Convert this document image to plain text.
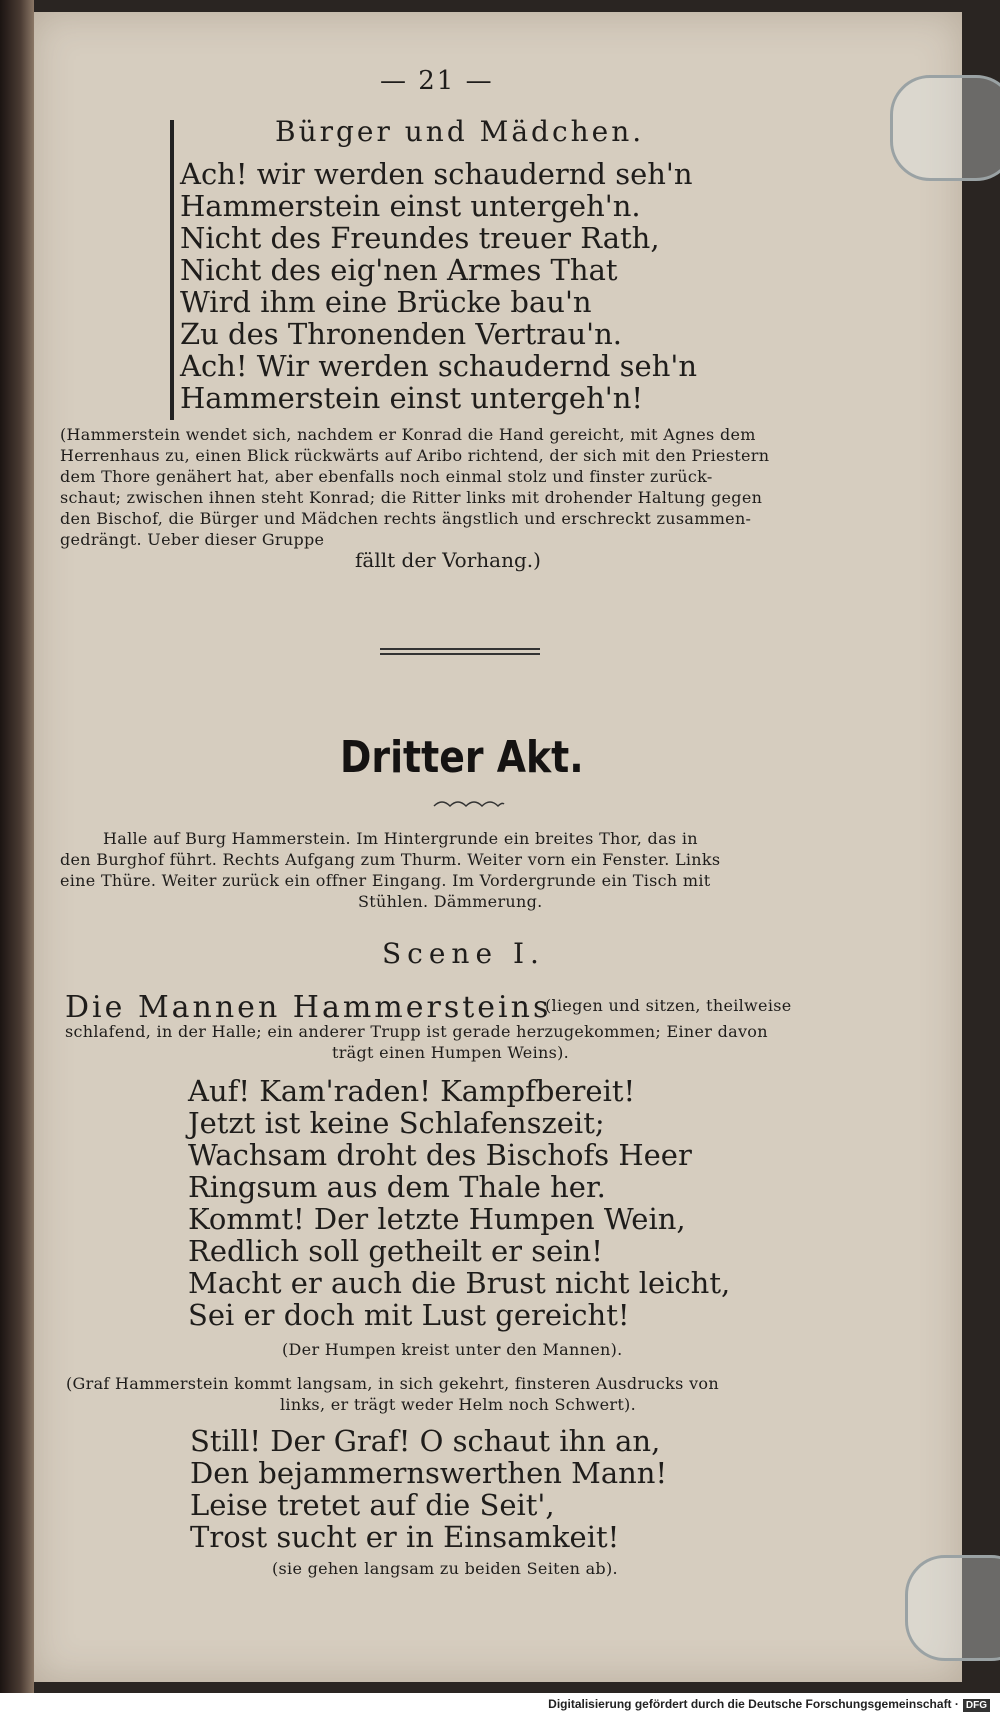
— 21 —
Bürger und Mädchen.
Ach! wir werden schaudernd seh'n
Hammerstein einst untergeh'n.
Nicht des Freundes treuer Rath,
Nicht des eig'nen Armes That
Wird ihm eine Brücke bau'n
Zu des Thronenden Vertrau'n.
Ach! Wir werden schaudernd seh'n
Hammerstein einst untergeh'n!
(Hammerstein wendet sich, nachdem er Konrad die Hand gereicht, mit Agnes dem
Herrenhaus zu, einen Blick rückwärts auf Aribo richtend, der sich mit den Priestern
dem Thore genähert hat, aber ebenfalls noch einmal stolz und finster zurück-
schaut; zwischen ihnen steht Konrad; die Ritter links mit drohender Haltung gegen
den Bischof, die Bürger und Mädchen rechts ängstlich und erschreckt zusammen-
gedrängt. Ueber dieser Gruppe
fällt der Vorhang.)
Dritter Akt.
Halle auf Burg Hammerstein. Im Hintergrunde ein breites Thor, das in
den Burghof führt. Rechts Aufgang zum Thurm. Weiter vorn ein Fenster. Links
eine Thüre. Weiter zurück ein offner Eingang. Im Vordergrunde ein Tisch mit
Stühlen. Dämmerung.
Scene I.
Die Mannen Hammersteins
(liegen und sitzen, theilweise
schlafend, in der Halle; ein anderer Trupp ist gerade herzugekommen; Einer davon
trägt einen Humpen Weins).
Auf! Kam'raden! Kampfbereit!
Jetzt ist keine Schlafenszeit;
Wachsam droht des Bischofs Heer
Ringsum aus dem Thale her.
Kommt! Der letzte Humpen Wein,
Redlich soll getheilt er sein!
Macht er auch die Brust nicht leicht,
Sei er doch mit Lust gereicht!
(Der Humpen kreist unter den Mannen).
(Graf Hammerstein kommt langsam, in sich gekehrt, finsteren Ausdrucks von
links, er trägt weder Helm noch Schwert).
Still! Der Graf! O schaut ihn an,
Den bejammernswerthen Mann!
Leise tretet auf die Seit',
Trost sucht er in Einsamkeit!
(sie gehen langsam zu beiden Seiten ab).
Digitalisierung gefördert durch die Deutsche Forschungsgemeinschaft · DFG
